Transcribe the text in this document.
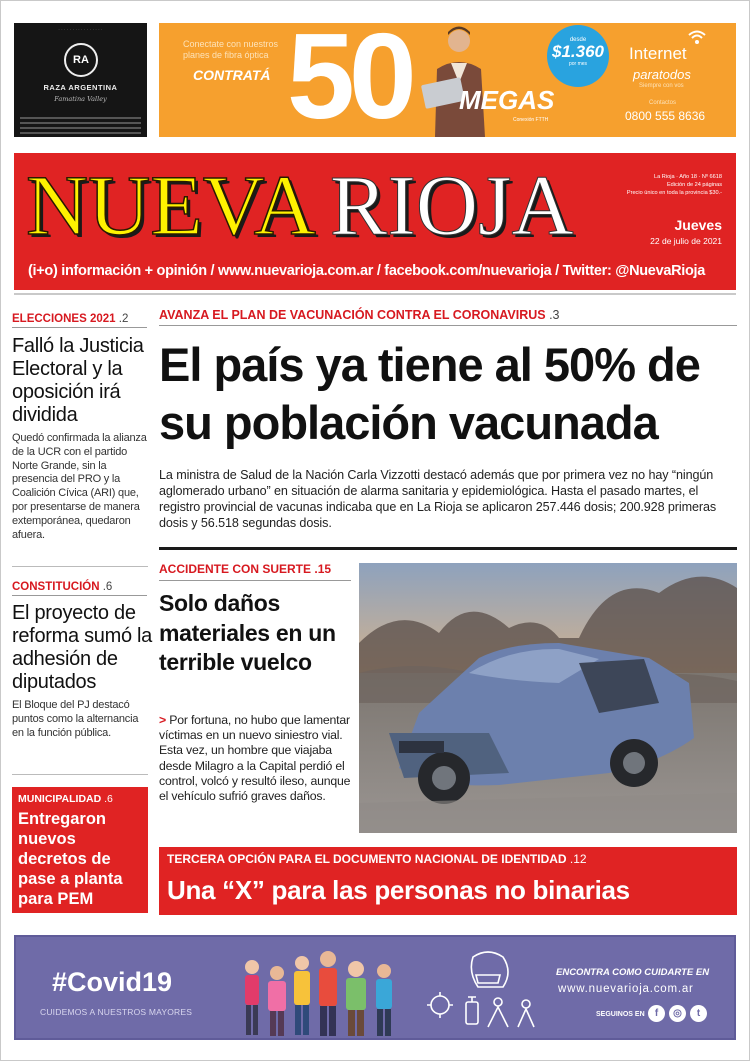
· · · · · · · · · · · · · · · ·
RA
RAZA ARGENTINA
Famatina Valley
Conectate con nuestros planes de fibra óptica
CONTRATÁ 50 MEGAS
Conexión FTTH
desde
$1.360
por mes
Internet
paratodos
Siempre con vos
Contactos
0800 555 8636
NUEVA RIOJA	La Rioja · Año 18 · Nº 6618
Edición de 24 páginas
Precio único en toda la provincia $30.-
Jueves
22 de julio de 2021
(i+o) información + opinión / www.nuevarioja.com.ar / facebook.com/nuevarioja / Twitter: @NuevaRioja
ELECCIONES 2021 .2
Falló la Justicia Electoral y la oposición irá dividida
Quedó confirmada la alianza de la UCR con el partido Norte Grande, sin la presencia del PRO y la Coalición Cívica (ARI) que, por presentarse de manera extemporánea, quedaron afuera.
CONSTITUCIÓN .6
El proyecto de reforma sumó la adhesión de diputados
El Bloque del PJ destacó puntos como la alternancia en la función pública.
MUNICIPALIDAD .6
Entregaron nuevos decretos de pase a planta para PEM
AVANZA EL PLAN DE VACUNACIÓN CONTRA EL CORONAVIRUS .3
El país ya tiene al 50% de su población vacunada
La ministra de Salud de la Nación Carla Vizzotti destacó además que por primera vez no hay “ningún aglomerado urbano” en situación de alarma sanitaria y epidemiológica. Hasta el pasado martes, el registro provincial de vacunas indicaba que en La Rioja se aplicaron 257.446 dosis; 200.928 primeras dosis y 56.518 segundas dosis.
ACCIDENTE CON SUERTE .15
Solo daños materiales en un terrible vuelco
> Por fortuna, no hubo que lamentar víctimas en un nuevo siniestro vial. Esta vez, un hombre que viajaba desde Milagro a la Capital perdió el control, volcó y resultó ileso, aunque el vehículo sufrió graves daños.
TERCERA OPCIÓN PARA EL DOCUMENTO NACIONAL DE IDENTIDAD .12
Una “X” para las personas no binarias
#Covid19
CUIDEMOS A NUESTROS MAYORES
ENCONTRA COMO CUIDARTE EN
www.nuevarioja.com.ar
SEGUINOS EN	f	◎	t
